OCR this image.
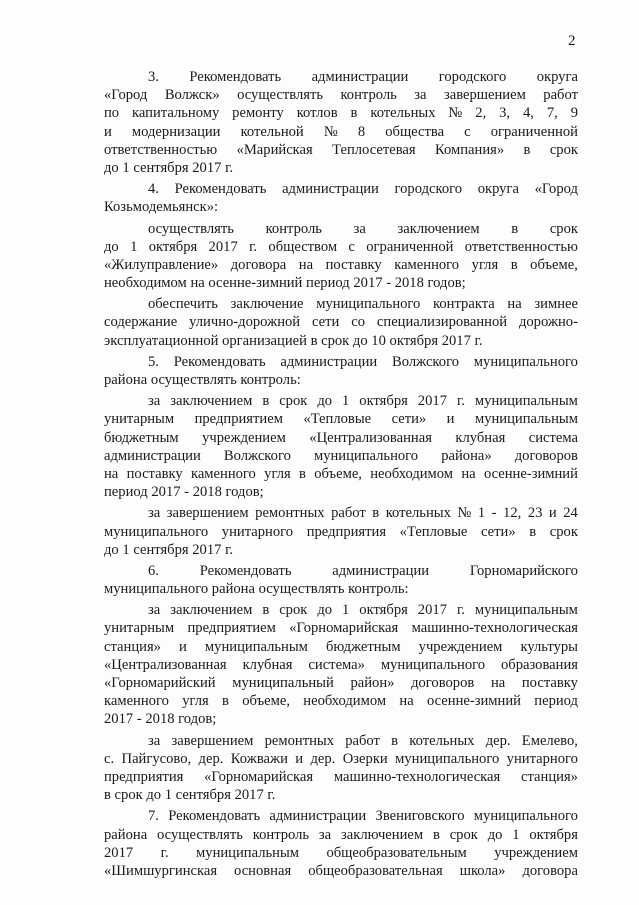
2
3. Рекомендовать администрации городского округа
«Город Волжск» осуществлять контроль за завершением работ
по капитальному ремонту котлов в котельных № 2, 3, 4, 7, 9
и модернизации котельной № 8 общества с ограниченной
ответственностью «Марийская Теплосетевая Компания» в срок
до 1 сентября 2017 г.
4. Рекомендовать администрации городского округа «Город
Козьмодемьянск»:
осуществлять контроль за заключением в срок
до 1 октября 2017 г. обществом с ограниченной ответственностью
«Жилуправление» договора на поставку каменного угля в объеме,
необходимом на осенне-зимний период 2017 - 2018 годов;
обеспечить заключение муниципального контракта на зимнее
содержание улично-дорожной сети со специализированной дорожно-
эксплуатационной организацией в срок до 10 октября 2017 г.
5. Рекомендовать администрации Волжского муниципального
района осуществлять контроль:
за заключением в срок до 1 октября 2017 г. муниципальным
унитарным предприятием «Тепловые сети» и муниципальным
бюджетным учреждением «Централизованная клубная система
администрации Волжского муниципального района» договоров
на поставку каменного угля в объеме, необходимом на осенне-зимний
период 2017 - 2018 годов;
за завершением ремонтных работ в котельных № 1 - 12, 23 и 24
муниципального унитарного предприятия «Тепловые сети» в срок
до 1 сентября 2017 г.
6.	Рекомендовать	администрации	Горномарийского
муниципального района осуществлять контроль:
за заключением в срок до 1 октября 2017 г. муниципальным
унитарным предприятием «Горномарийская машинно-технологическая
станция» и муниципальным бюджетным учреждением культуры
«Централизованная клубная система» муниципального образования
«Горномарийский муниципальный район» договоров на поставку
каменного угля в объеме, необходимом на осенне-зимний период
2017 - 2018 годов;
за завершением ремонтных работ в котельных дер. Емелево,
с. Пайгусово, дер. Кожважи и дер. Озерки муниципального унитарного
предприятия «Горномарийская машинно-технологическая станция»
в срок до 1 сентября 2017 г.
7. Рекомендовать администрации Звениговского муниципального
района осуществлять контроль за заключением в срок до 1 октября
2017 г. муниципальным общеобразовательным учреждением
«Шимшургинская основная общеобразовательная школа» договора
